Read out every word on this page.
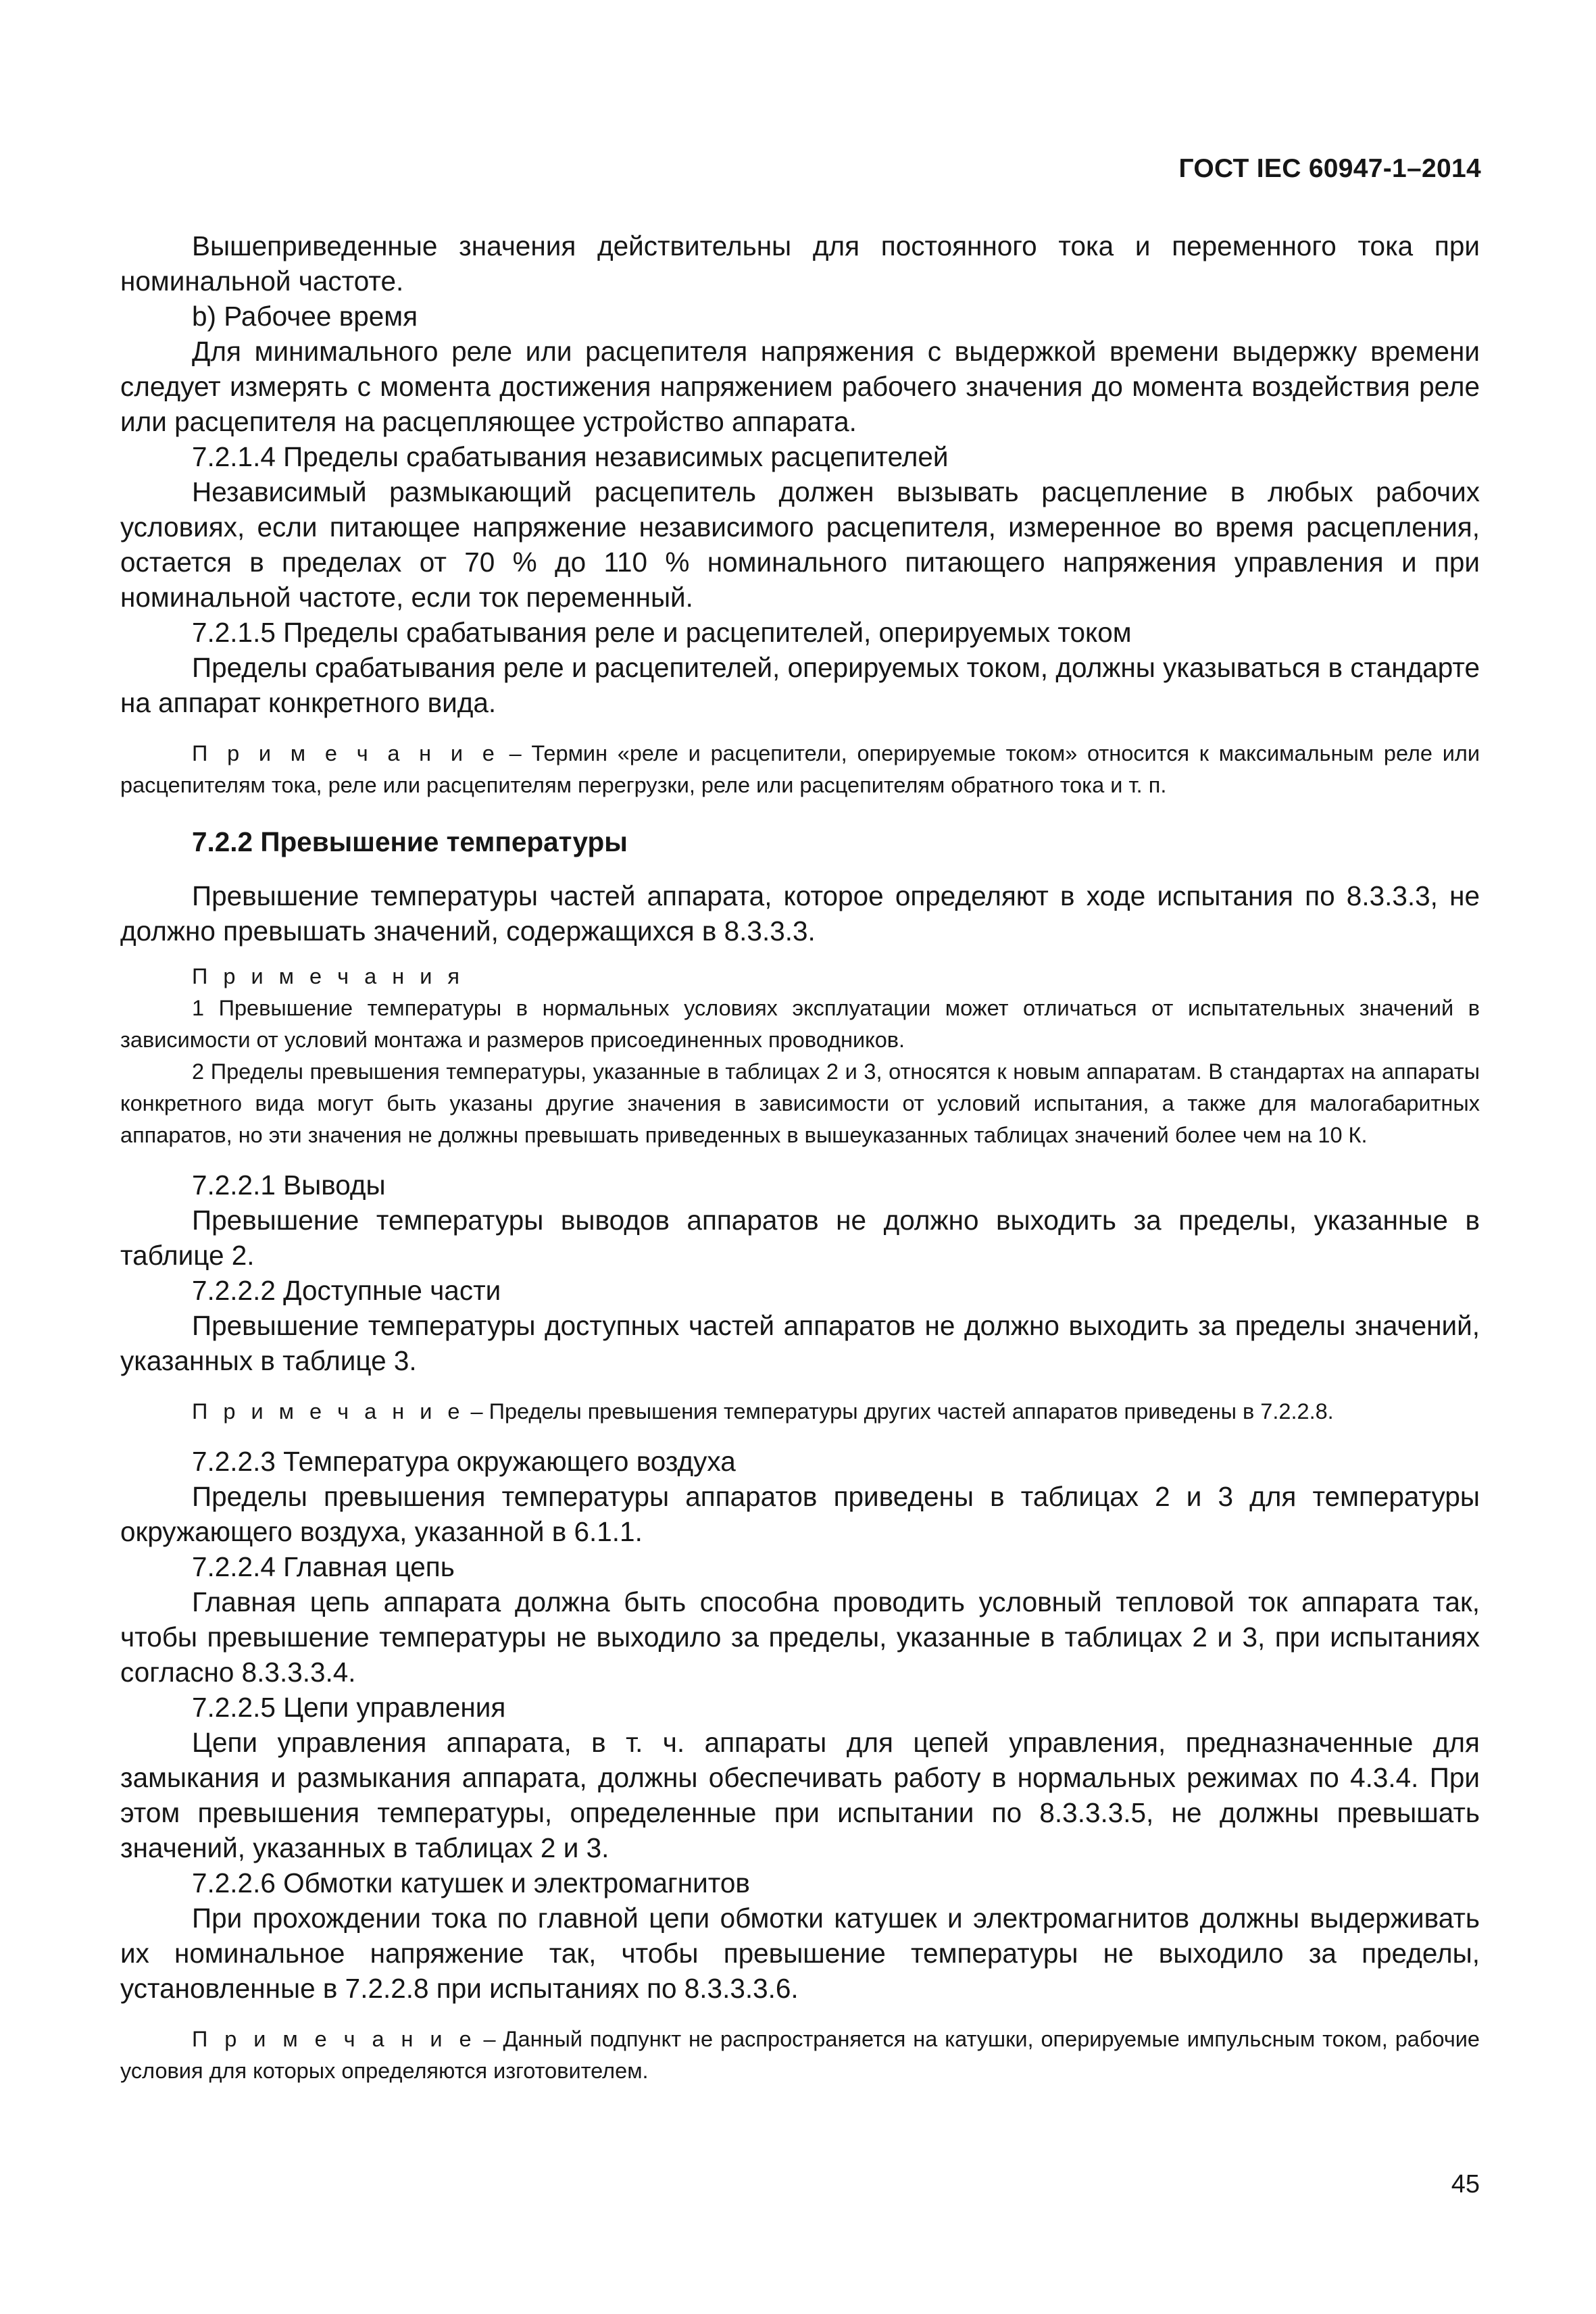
ГОСТ IEC 60947-1–2014

Вышеприведенные значения действительны для постоянного тока и переменного тока при номинальной частоте.

b) Рабочее время

Для минимального реле или расцепителя напряжения с выдержкой времени выдержку времени следует измерять с момента достижения напряжением рабочего значения до момента воздействия реле или расцепителя на расцепляющее устройство аппарата.

7.2.1.4 Пределы срабатывания независимых расцепителей

Независимый размыкающий расцепитель должен вызывать расцепление в любых рабочих условиях, если питающее напряжение независимого расцепителя, измеренное во время расцепления, остается в пределах от 70 % до 110 % номинального питающего напряжения управления и при номинальной частоте, если ток переменный.

7.2.1.5 Пределы срабатывания реле и расцепителей, оперируемых током

Пределы срабатывания реле и расцепителей, оперируемых током, должны указываться в стандарте на аппарат конкретного вида.

П р и м е ч а н и е – Термин «реле и расцепители, оперируемые током» относится к максимальным реле или расцепителям тока, реле или расцепителям перегрузки, реле или расцепителям обратного тока и т. п.

7.2.2 Превышение температуры

Превышение температуры частей аппарата, которое определяют в ходе испытания по 8.3.3.3, не должно превышать значений, содержащихся в 8.3.3.3.

П р и м е ч а н и я

1 Превышение температуры в нормальных условиях эксплуатации может отличаться от испытательных значений в зависимости от условий монтажа и размеров присоединенных проводников.

2 Пределы превышения температуры, указанные в таблицах 2 и 3, относятся к новым аппаратам. В стандартах на аппараты конкретного вида могут быть указаны другие значения в зависимости от условий испытания, а также для малогабаритных аппаратов, но эти значения не должны превышать приведенных в вышеуказанных таблицах значений более чем на 10 К.

7.2.2.1 Выводы

Превышение температуры выводов аппаратов не должно выходить за пределы, указанные в таблице 2.

7.2.2.2 Доступные части

Превышение температуры доступных частей аппаратов не должно выходить за пределы значений, указанных в таблице 3.

П р и м е ч а н и е – Пределы превышения температуры других частей аппаратов приведены в 7.2.2.8.

7.2.2.3 Температура окружающего воздуха

Пределы превышения температуры аппаратов приведены в таблицах 2 и 3 для температуры окружающего воздуха, указанной в 6.1.1.

7.2.2.4 Главная цепь

Главная цепь аппарата должна быть способна проводить условный тепловой ток аппарата так, чтобы превышение температуры не выходило за пределы, указанные в таблицах 2 и 3, при испытаниях согласно 8.3.3.3.4.

7.2.2.5 Цепи управления

Цепи управления аппарата, в т. ч. аппараты для цепей управления, предназначенные для замыкания и размыкания аппарата, должны обеспечивать работу в нормальных режимах по 4.3.4. При этом превышения температуры, определенные при испытании по 8.3.3.3.5, не должны превышать значений, указанных в таблицах 2 и 3.

7.2.2.6 Обмотки катушек и электромагнитов

При прохождении тока по главной цепи обмотки катушек и электромагнитов должны выдерживать их номинальное напряжение так, чтобы превышение температуры не выходило за пределы, установленные в 7.2.2.8 при испытаниях по 8.3.3.3.6.

П р и м е ч а н и е – Данный подпункт не распространяется на катушки, оперируемые импульсным током, рабочие условия для которых определяются изготовителем.

45
